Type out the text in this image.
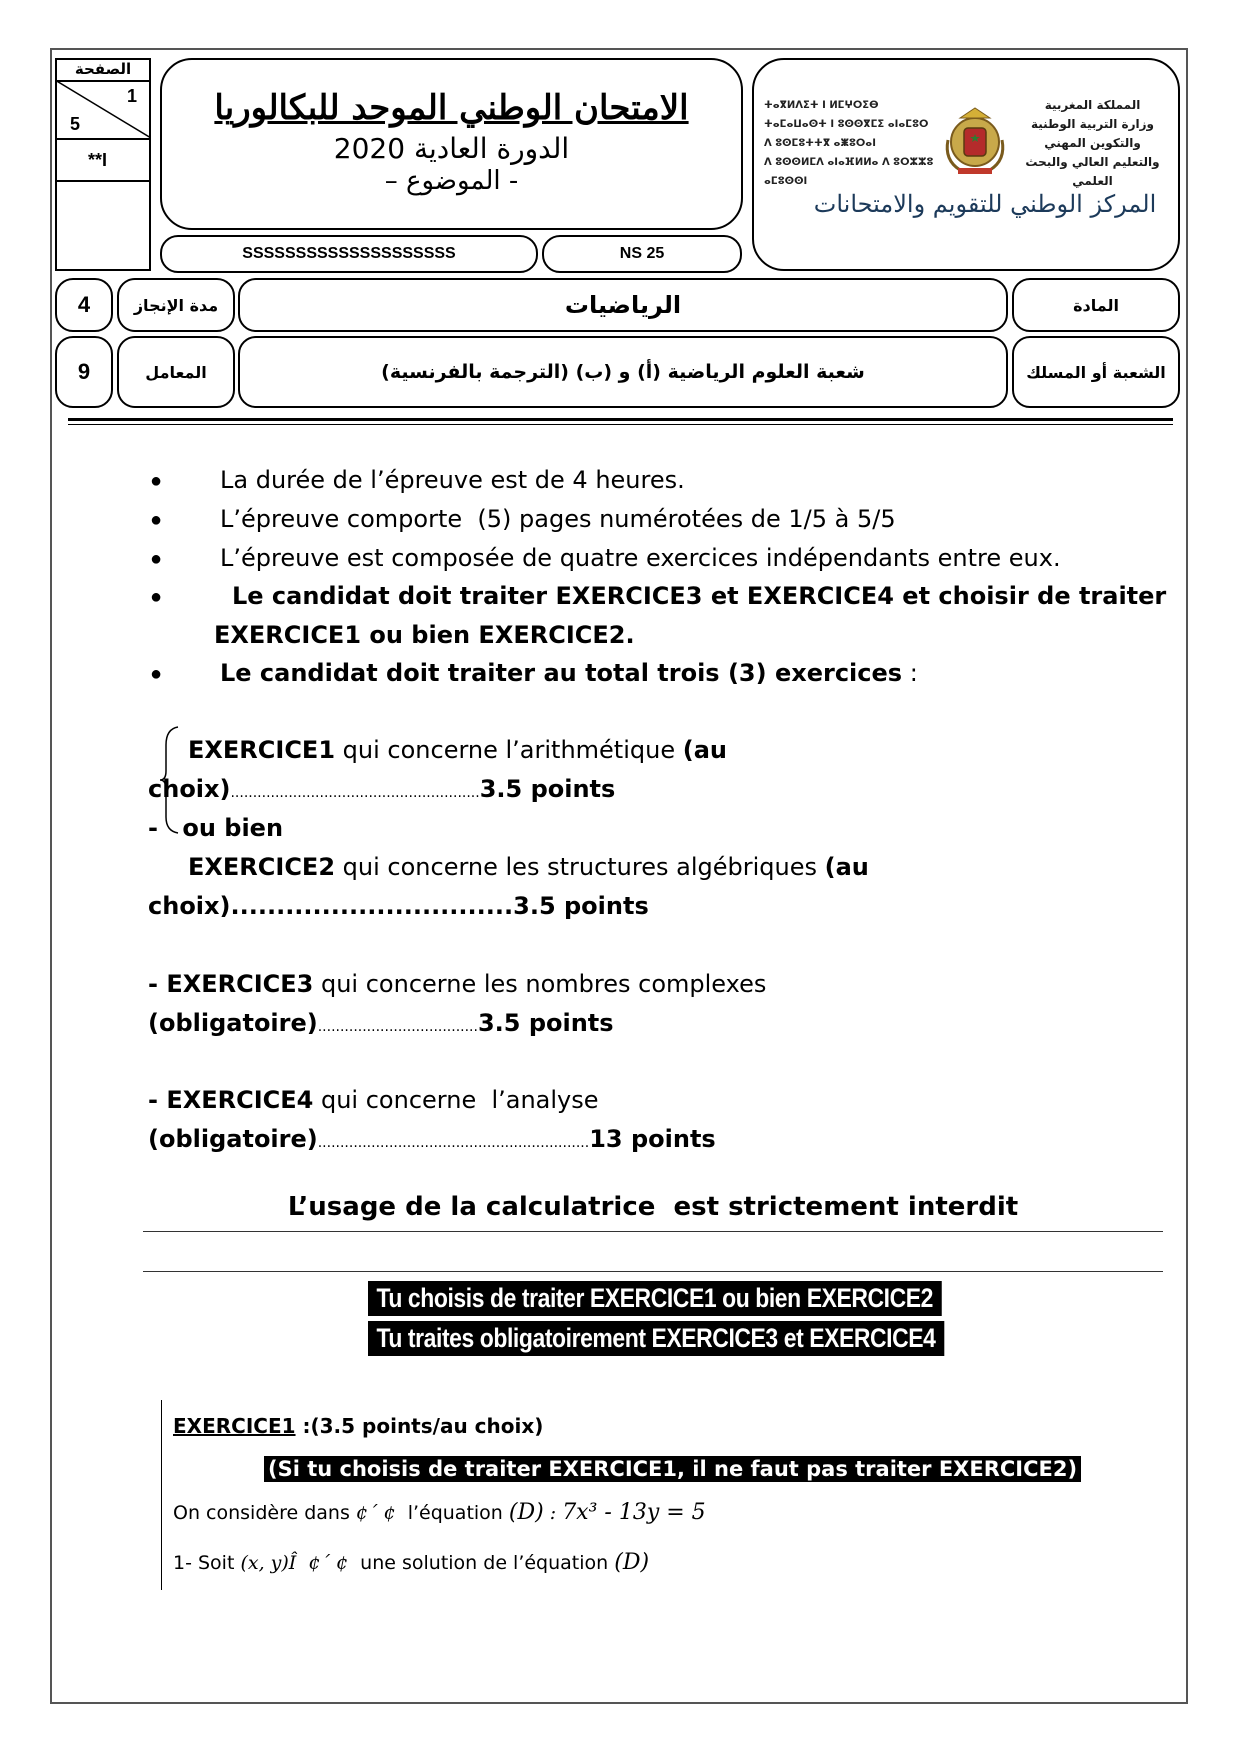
الصفحة
1
5
**I
الامتحان الوطني الموحد للبكالوريا
الدورة العادية 2020
- الموضوع –
SSSSSSSSSSSSSSSSSSSS	NS 25
ⵜⴰⴳⵍⴷⵉⵜ ⵏ ⵍⵎⵖⵔⵉⴱ
ⵜⴰⵎⴰⵡⴰⵙⵜ ⵏ ⵓⵙⵙⴳⵎⵉ ⴰⵏⴰⵎⵓⵔ
ⴷ ⵓⵙⵎⵓⵜⵜⴳ ⴰⵥⵓⵔⴰⵏ
ⴷ ⵓⵙⵙⵍⵎⴷ ⴰⵏⴰⴼⵍⵍⴰ ⴷ ⵓⵔⵣⵣⵓ ⴰⵎⵓⵙⵙⵏ
المملكة المغربية
وزارة التربية الوطنية
والتكوين المهني
والتعليم العالي والبحث العلمي
المركز الوطني للتقويم والامتحانات
4	مدة الإنجاز	الرياضيات	المادة
9	المعامل	شعبة العلوم الرياضية (أ) و (ب) (الترجمة بالفرنسية)	الشعبة أو المسلك
● La durée de l’épreuve est de 4 heures.
● L’épreuve comporte  (5) pages numérotées de 1/5 à 5/5
● L’épreuve est composée de quatre exercices indépendants entre eux.
●	Le candidat doit traiter EXERCICE3 et EXERCICE4 et choisir de traiter
EXERCICE1 ou bien EXERCICE2.
● Le candidat doit traiter au total trois (3) exercices :
EXERCICE1 qui concerne l’arithmétique (au
choix)........................................................3.5 points
- ou bien
EXERCICE2 qui concerne les structures algébriques (au
choix)...............................3.5 points
- EXERCICE3 qui concerne les nombres complexes
(obligatoire)....................................3.5 points
- EXERCICE4 qui concerne  l’analyse
(obligatoire).............................................................13 points
L’usage de la calculatrice  est strictement interdit
Tu choisis de traiter EXERCICE1 ou bien EXERCICE2
Tu traites obligatoirement EXERCICE3 et EXERCICE4
EXERCICE1 :(3.5 points/au choix)
(Si tu choisis de traiter EXERCICE1, il ne faut pas traiter EXERCICE2)
On considère dans ¢´ ¢  l’équation (D) : 7x³ - 13y = 5
1- Soit (x, y)Î  ¢´ ¢  une solution de l’équation (D)
